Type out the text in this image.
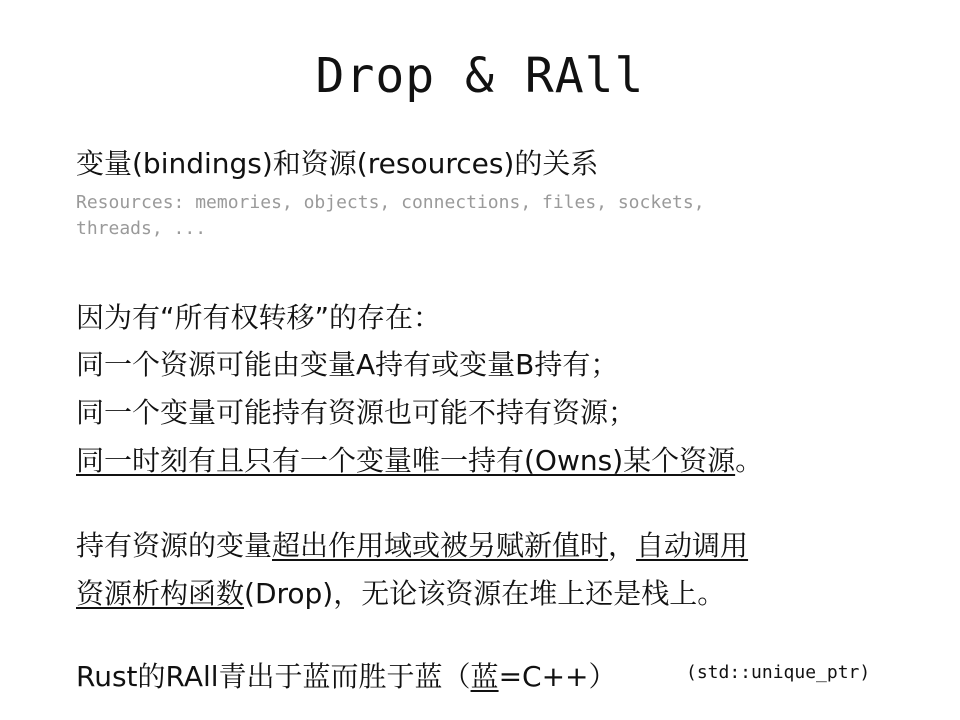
Drop & RAll
变量(bindings)和资源(resources)的关系
Resources: memories, objects, connections, files, sockets, threads, ...
因为有“所有权转移”的存在：
同一个资源可能由变量A持有或变量B持有；
同一个变量可能持有资源也可能不持有资源；
同一时刻有且只有一个变量唯一持有(Owns)某个资源。
持有资源的变量超出作用域或被另赋新值时，自动调用
资源析构函数(Drop)，无论该资源在堆上还是栈上。
Rust的RAll青出于蓝而胜于蓝（蓝=C++）	(std::unique_ptr)
